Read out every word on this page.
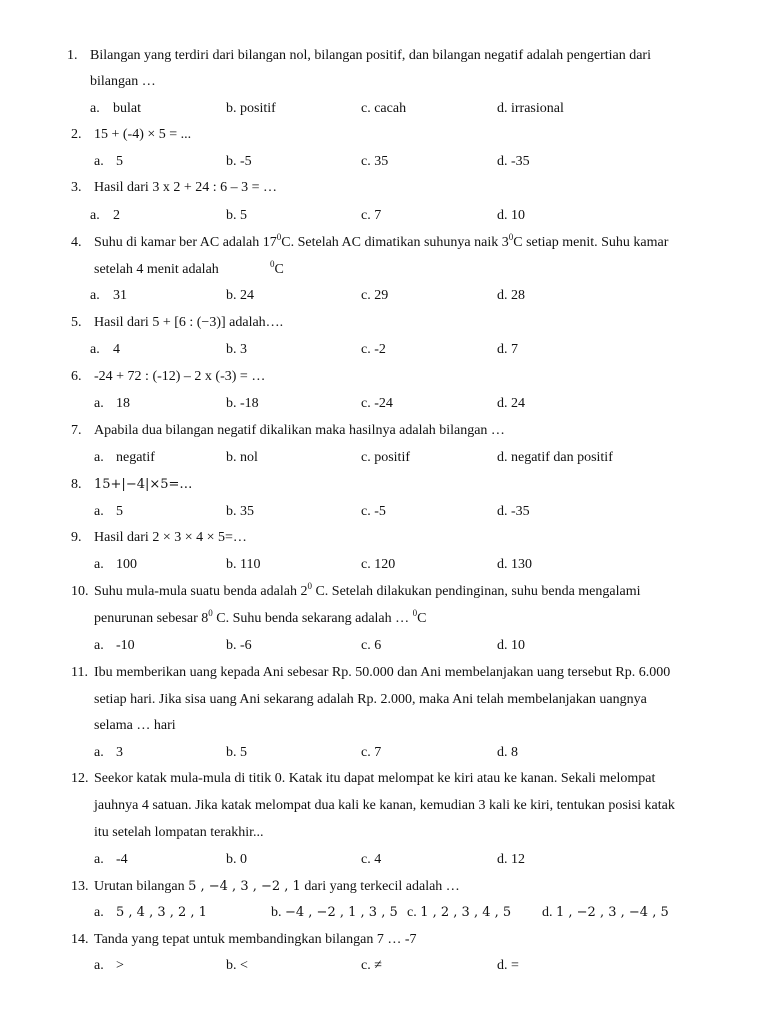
1. Bilangan yang terdiri dari bilangan nol, bilangan positif, dan bilangan negatif adalah pengertian dari
bilangan …
a. bulat	b. positif	c. cacah	d. irrasional
2. 15 + (-4) × 5 = ...
a. 5	b. -5	c. 35	d. -35
3. Hasil dari 3 x 2 + 24 : 6 – 3 = …
a. 2	b. 5	c. 7	d. 10
4. Suhu di kamar ber AC adalah $17^0C$. Setelah AC dimatikan suhunya naik $3^0C$ setiap menit. Suhu kamar
setelah 4 menit adalah	$^0$C
a. 31	b. 24	c. 29	d. 28
5. Hasil dari 5 + [6 : (−3)] adalah….
a. 4	b. 3	c. -2	d. 7
6. -24 + 72 : (-12) – 2 x (-3) = …
a. 18	b. -18	c. -24	d. 24
7. Apabila dua bilangan negatif dikalikan maka hasilnya adalah bilangan …
a. negatif	b. nol	c. positif	d. negatif dan positif
8. 15+|−4|×5=…
a. 5	b. 35	c. -5	d. -35
9. Hasil dari 2 × 3 × 4 × 5=…
a. 100	b. 110	c. 120	d. 130
10. Suhu mula-mula suatu benda adalah $2^0$ C. Setelah dilakukan pendinginan, suhu benda mengalami
penurunan sebesar $8^0$ C. Suhu benda sekarang adalah … $^0$C
a. -10	b. -6	c. 6	d. 10
11. Ibu memberikan uang kepada Ani sebesar Rp. 50.000 dan Ani membelanjakan uang tersebut Rp. 6.000
setiap hari. Jika sisa uang Ani sekarang adalah Rp. 2.000, maka Ani telah membelanjakan uangnya
selama … hari
a. 3	b. 5	c. 7	d. 8
12. Seekor katak mula-mula di titik 0. Katak itu dapat melompat ke kiri atau ke kanan. Sekali melompat
jauhnya 4 satuan. Jika katak melompat dua kali ke kanan, kemudian 3 kali ke kiri, tentukan posisi katak
itu setelah lompatan terakhir...
a. -4	b. 0	c. 4	d. 12
13. Urutan bilangan 5 , −4 , 3 , −2 , 1 dari yang terkecil adalah …
a. 5 , 4 , 3 , 2 , 1	b. −4 , −2 , 1 , 3 , 5 c. 1 , 2 , 3 , 4 , 5 d. 1 , −2 , 3 , −4 , 5
14. Tanda yang tepat untuk membandingkan bilangan 7 … -7
a. >	b. <	c. ≠	d. =
